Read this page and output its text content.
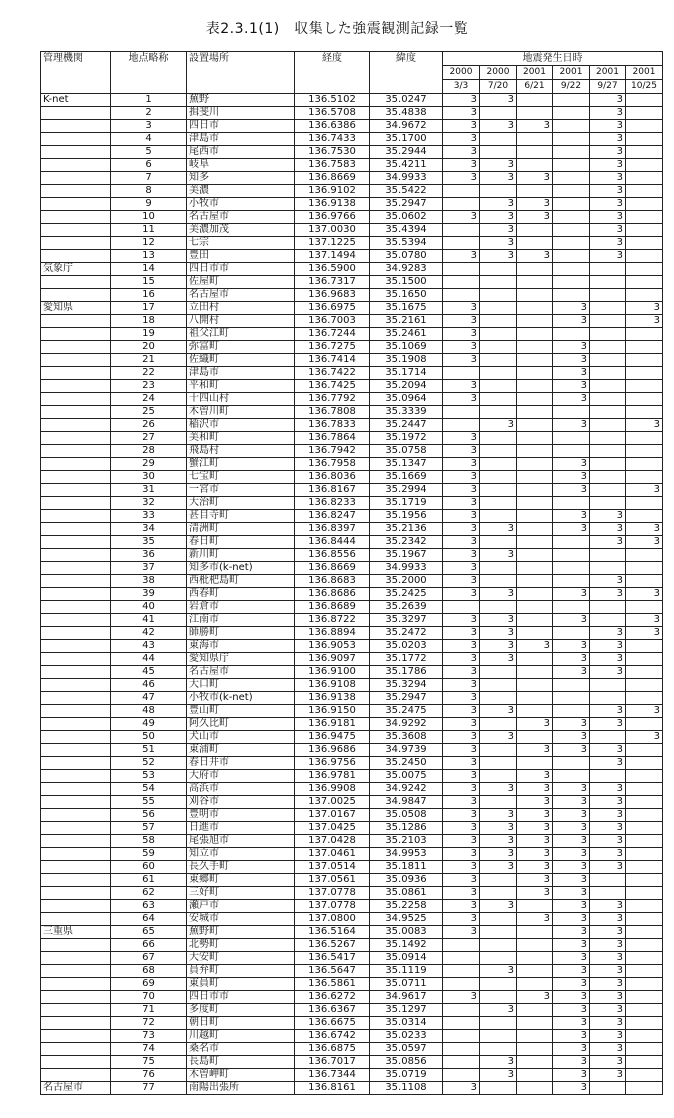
表2.3.1(1)　収集した強震観測記録一覧
管理機関	地点略称	設置場所	経度	緯度	地震発生日時					
					2000	2000	2001	2001	2001	2001
					3/3	7/20	6/21	9/22	9/27	10/25
K-net	1	蕪野	136.5102	35.0247	3	3			3	
	2	揖斐川	136.5708	35.4838	3				3	
	3	四日市	136.6386	34.9672	3	3	3		3	
	4	津島市	136.7433	35.1700	3				3	
	5	尾西市	136.7530	35.2944	3				3	
	6	岐阜	136.7583	35.4211	3	3			3	
	7	知多	136.8669	34.9933	3	3	3		3	
	8	美濃	136.9102	35.5422					3	
	9	小牧市	136.9138	35.2947		3	3		3	
	10	名古屋市	136.9766	35.0602	3	3	3		3	
	11	美濃加茂	137.0030	35.4394		3			3	
	12	七宗	137.1225	35.5394		3			3	
	13	豊田	137.1494	35.0780	3	3	3		3	
気象庁	14	四日市市	136.5900	34.9283						
	15	佐屋町	136.7317	35.1500						
	16	名古屋市	136.9683	35.1650						
愛知県	17	立田村	136.6975	35.1675	3			3		3
	18	八開村	136.7003	35.2161	3			3		3
	19	祖父江町	136.7244	35.2461	3					
	20	弥富町	136.7275	35.1069	3			3		
	21	佐織町	136.7414	35.1908	3			3		
	22	津島市	136.7422	35.1714				3		
	23	平和町	136.7425	35.2094	3			3		
	24	十四山村	136.7792	35.0964	3			3		
	25	木曽川町	136.7808	35.3339						
	26	稲沢市	136.7833	35.2447		3		3		3
	27	美和町	136.7864	35.1972	3					
	28	飛島村	136.7942	35.0758	3					
	29	蟹江町	136.7958	35.1347	3			3		
	30	七宝町	136.8036	35.1669	3			3		
	31	一宮市	136.8167	35.2994	3			3		3
	32	大治町	136.8233	35.1719	3					
	33	甚目寺町	136.8247	35.1956	3			3	3	
	34	清洲町	136.8397	35.2136	3	3		3	3	3
	35	春日町	136.8444	35.2342	3				3	3
	36	新川町	136.8556	35.1967	3	3				
	37	知多市(k-net)	136.8669	34.9933	3					
	38	西枇杷島町	136.8683	35.2000	3				3	
	39	西春町	136.8686	35.2425	3	3		3	3	3
	40	岩倉市	136.8689	35.2639						
	41	江南市	136.8722	35.3297	3	3		3		3
	42	師勝町	136.8894	35.2472	3	3			3	3
	43	東海市	136.9053	35.0203	3	3	3	3	3	
	44	愛知県庁	136.9097	35.1772	3	3		3	3	
	45	名古屋市	136.9100	35.1786	3			3	3	
	46	大口町	136.9108	35.3294	3					
	47	小牧市(k-net)	136.9138	35.2947	3					
	48	豊山町	136.9150	35.2475	3	3			3	3
	49	阿久比町	136.9181	34.9292	3		3	3	3	
	50	犬山市	136.9475	35.3608	3	3		3		3
	51	東浦町	136.9686	34.9739	3		3	3	3	
	52	春日井市	136.9756	35.2450	3				3	
	53	大府市	136.9781	35.0075	3		3			
	54	高浜市	136.9908	34.9242	3	3	3	3	3	
	55	刈谷市	137.0025	34.9847	3		3	3	3	
	56	豊明市	137.0167	35.0508	3	3	3	3	3	
	57	日進市	137.0425	35.1286	3	3	3	3	3	
	58	尾張旭市	137.0428	35.2103	3	3	3	3	3	
	59	知立市	137.0461	34.9953	3	3	3	3	3	
	60	長久手町	137.0514	35.1811	3	3	3	3	3	
	61	東郷町	137.0561	35.0936	3		3	3		
	62	三好町	137.0778	35.0861	3		3	3		
	63	瀬戸市	137.0778	35.2258	3	3		3	3	
	64	安城市	137.0800	34.9525	3		3	3	3	
三重県	65	蕪野町	136.5164	35.0083	3			3	3	
	66	北勢町	136.5267	35.1492				3	3	
	67	大安町	136.5417	35.0914				3	3	
	68	員弁町	136.5647	35.1119		3		3	3	
	69	東員町	136.5861	35.0711				3	3	
	70	四日市市	136.6272	34.9617	3		3	3	3	
	71	多度町	136.6367	35.1297		3		3	3	
	72	朝日町	136.6675	35.0314				3	3	
	73	川越町	136.6742	35.0233				3	3	
	74	桑名市	136.6875	35.0597				3	3	
	75	長島町	136.7017	35.0856		3		3	3	
	76	木曽岬町	136.7344	35.0719		3		3	3	
名古屋市	77	南陽出張所	136.8161	35.1108	3			3		
